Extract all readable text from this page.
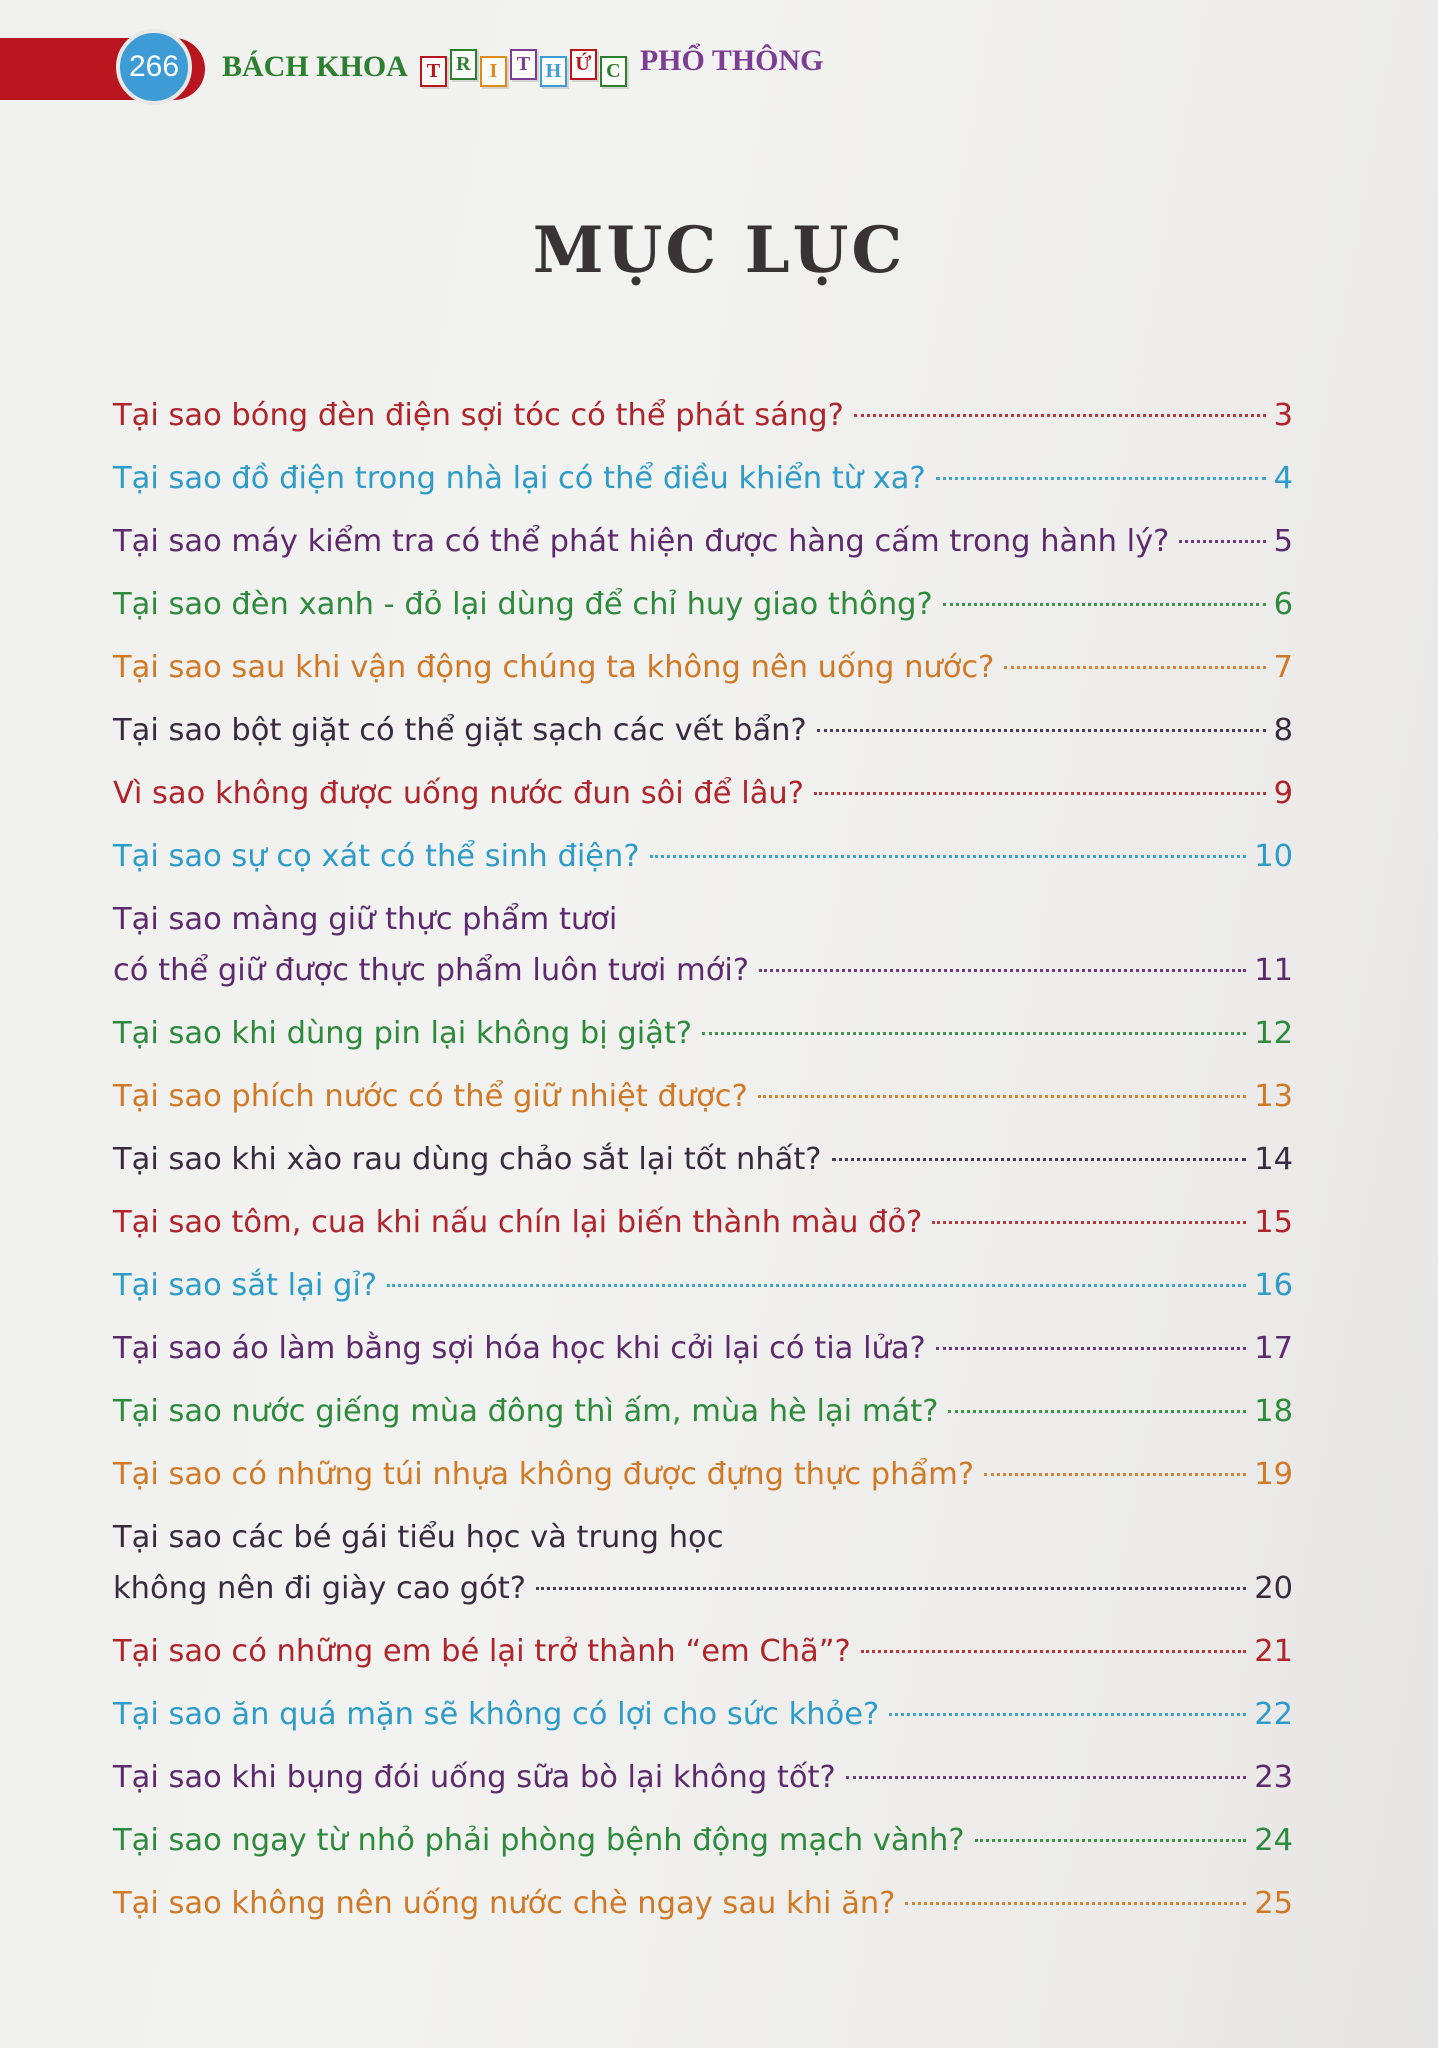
266	BÁCH KHOA T R I T H Ứ C PHỔ THÔNG
MỤC LỤC
Tại sao bóng đèn điện sợi tóc có thể phát sáng?	3
Tại sao đồ điện trong nhà lại có thể điều khiển từ xa?	4
Tại sao máy kiểm tra có thể phát hiện được hàng cấm trong hành lý?	5
Tại sao đèn xanh - đỏ lại dùng để chỉ huy giao thông?	6
Tại sao sau khi vận động chúng ta không nên uống nước?	7
Tại sao bột giặt có thể giặt sạch các vết bẩn?	8
Vì sao không được uống nước đun sôi để lâu?	9
Tại sao sự cọ xát có thể sinh điện?	10
Tại sao màng giữ thực phẩm tươi
có thể giữ được thực phẩm luôn tươi mới?	11
Tại sao khi dùng pin lại không bị giật?	12
Tại sao phích nước có thể giữ nhiệt được?	13
Tại sao khi xào rau dùng chảo sắt lại tốt nhất?	14
Tại sao tôm, cua khi nấu chín lại biến thành màu đỏ?	15
Tại sao sắt lại gỉ?	16
Tại sao áo làm bằng sợi hóa học khi cởi lại có tia lửa?	17
Tại sao nước giếng mùa đông thì ấm, mùa hè lại mát?	18
Tại sao có những túi nhựa không được đựng thực phẩm?	19
Tại sao các bé gái tiểu học và trung học
không nên đi giày cao gót?	20
Tại sao có những em bé lại trở thành “em Chã”?	21
Tại sao ăn quá mặn sẽ không có lợi cho sức khỏe?	22
Tại sao khi bụng đói uống sữa bò lại không tốt?	23
Tại sao ngay từ nhỏ phải phòng bệnh động mạch vành?	24
Tại sao không nên uống nước chè ngay sau khi ăn?	25
